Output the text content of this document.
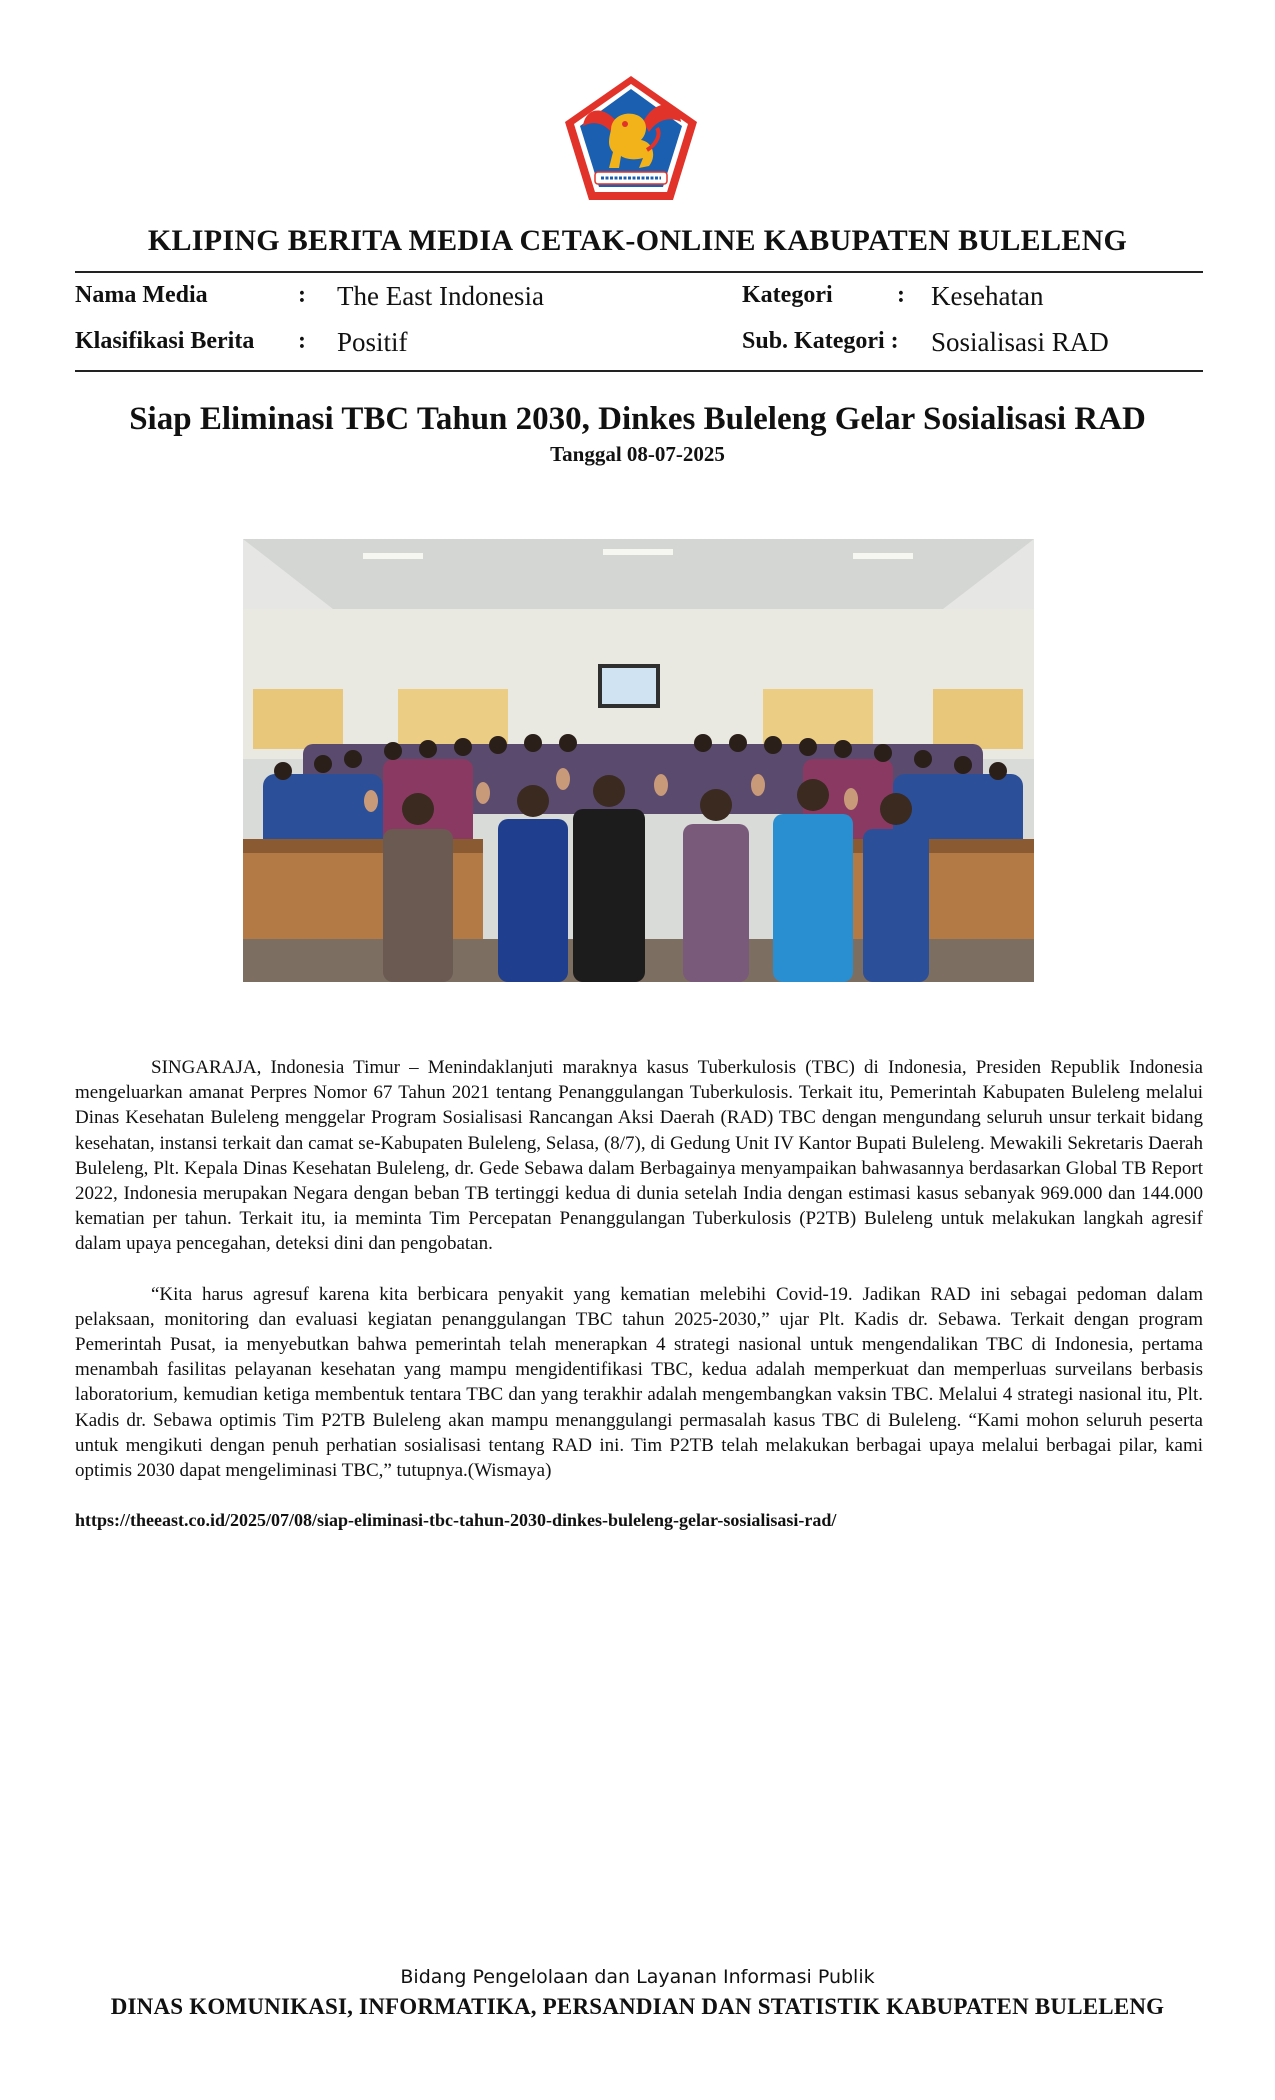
KLIPING BERITA MEDIA CETAK-ONLINE KABUPATEN BULELENG
Nama Media	: The East Indonesia	Kategori	: Kesehatan
Klasifikasi Berita : Positif	Sub. Kategori : Sosialisasi RAD
Siap Eliminasi TBC Tahun 2030, Dinkes Buleleng Gelar Sosialisasi RAD
Tanggal 08-07-2025

SINGARAJA, Indonesia Timur – Menindaklanjuti maraknya kasus Tuberkulosis (TBC) di Indonesia, Presiden Republik Indonesia mengeluarkan amanat Perpres Nomor 67 Tahun 2021 tentang Penanggulangan Tuberkulosis. Terkait itu, Pemerintah Kabupaten Buleleng melalui Dinas Kesehatan Buleleng menggelar Program Sosialisasi Rancangan Aksi Daerah (RAD) TBC dengan mengundang seluruh unsur terkait bidang kesehatan, instansi terkait dan camat se-Kabupaten Buleleng, Selasa, (8/7), di Gedung Unit IV Kantor Bupati Buleleng. Mewakili Sekretaris Daerah Buleleng, Plt. Kepala Dinas Kesehatan Buleleng, dr. Gede Sebawa dalam Berbagainya menyampaikan bahwasannya berdasarkan Global TB Report 2022, Indonesia merupakan Negara dengan beban TB tertinggi kedua di dunia setelah India dengan estimasi kasus sebanyak 969.000 dan 144.000 kematian per tahun. Terkait itu, ia meminta Tim Percepatan Penanggulangan Tuberkulosis (P2TB) Buleleng untuk melakukan langkah agresif dalam upaya pencegahan, deteksi dini dan pengobatan.

“Kita harus agresuf karena kita berbicara penyakit yang kematian melebihi Covid-19. Jadikan RAD ini sebagai pedoman dalam pelaksaan, monitoring dan evaluasi kegiatan penanggulangan TBC tahun 2025-2030,” ujar Plt. Kadis dr. Sebawa. Terkait dengan program Pemerintah Pusat, ia menyebutkan bahwa pemerintah telah menerapkan 4 strategi nasional untuk mengendalikan TBC di Indonesia, pertama menambah fasilitas pelayanan kesehatan yang mampu mengidentifikasi TBC, kedua adalah memperkuat dan memperluas surveilans berbasis laboratorium, kemudian ketiga membentuk tentara TBC dan yang terakhir adalah mengembangkan vaksin TBC. Melalui 4 strategi nasional itu, Plt. Kadis dr. Sebawa optimis Tim P2TB Buleleng akan mampu menanggulangi permasalah kasus TBC di Buleleng. “Kami mohon seluruh peserta untuk mengikuti dengan penuh perhatian sosialisasi tentang RAD ini. Tim P2TB telah melakukan berbagai upaya melalui berbagai pilar, kami optimis 2030 dapat mengeliminasi TBC,” tutupnya.(Wismaya)

https://theeast.co.id/2025/07/08/siap-eliminasi-tbc-tahun-2030-dinkes-buleleng-gelar-sosialisasi-rad/
Bidang Pengelolaan dan Layanan Informasi Publik
DINAS KOMUNIKASI, INFORMATIKA, PERSANDIAN DAN STATISTIK KABUPATEN BULELENG
